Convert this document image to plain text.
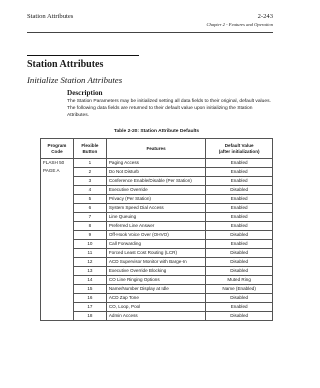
Station Attributes	2-243
Chapter 2 - Features and Operation
Station Attributes
Initialize Station Attributes
Description
The Station Parameters may be initialized setting all data fields to their original, default values. The following data fields are returned to their default value upon initializing the Station Attributes.
Table 2-20: Station Attribute Defaults
Program Code	Flexible Button	Features	Default Value
(after initialization)

FLASH 50
PAGE A	1	Paging Access	Enabled
	2	Do Not Disturb	Enabled
	3	Conference Enable/Disable (Per Station)	Enabled
	4	Executive Override	Disabled
	5	Privacy (Per Station)	Enabled
	6	System Speed Dial Access	Enabled
	7	Line Queuing	Enabled
	8	Preferred Line Answer	Enabled
	9	Off-Hook Voice Over (OHVO)	Disabled
	10	Call Forwarding	Enabled
	11	Forced Least Cost Routing (LCR)	Disabled
	12	ACD Supervisor Monitor with Barge-In	Disabled
	13	Executive Override Blocking	Disabled
	14	CO Line Ringing Options	Muted Ring
	15	Name/Number Display at Idle	Name (Enabled)
	16	ACD Zap Tone	Disabled
	17	CO, Loop, Pool	Enabled
	18	Admin Access	Disabled
